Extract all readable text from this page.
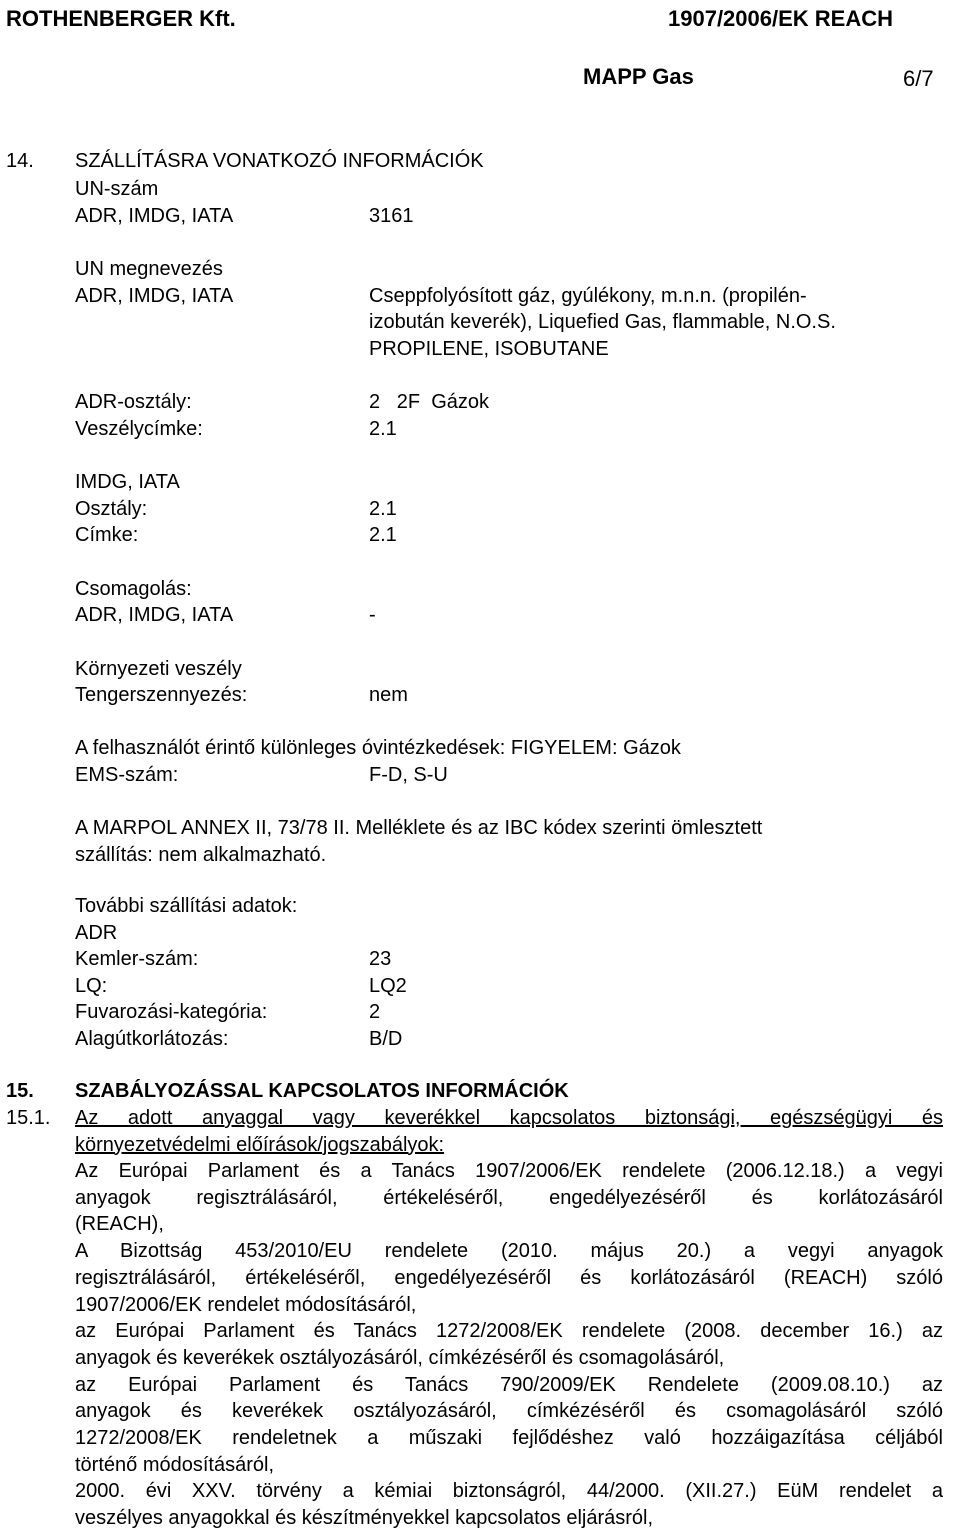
ROTHENBERGER Kft.	1907/2006/EK REACH
MAPP Gas	6/7
14. SZÁLLÍTÁSRA VONATKOZÓ INFORMÁCIÓK
UN-szám
ADR, IMDG, IATA	3161
UN megnevezés
ADR, IMDG, IATA	Cseppfolyósított gáz, gyúlékony, m.n.n. (propilén-
izobután keverék), Liquefied Gas, flammable, N.O.S.
PROPILENE, ISOBUTANE
ADR-osztály:	2   2F  Gázok
Veszélycímke:	2.1
IMDG, IATA
Osztály:	2.1
Címke:	2.1
Csomagolás:
ADR, IMDG, IATA	-
Környezeti veszély
Tengerszennyezés:	nem
A felhasználót érintő különleges óvintézkedések: FIGYELEM: Gázok
EMS-szám:	F-D, S-U
A MARPOL ANNEX II, 73/78 II. Melléklete és az IBC kódex szerinti ömlesztett
szállítás: nem alkalmazható.
További szállítási adatok:
ADR
Kemler-szám:	23
LQ:	LQ2
Fuvarozási-kategória:	2
Alagútkorlátozás:	B/D
15. SZABÁLYOZÁSSAL KAPCSOLATOS INFORMÁCIÓK
15.1. Az adott anyaggal vagy keverékkel kapcsolatos biztonsági, egészségügyi és
környezetvédelmi előírások/jogszabályok:
Az Európai Parlament és a Tanács 1907/2006/EK rendelete (2006.12.18.) a vegyi
anyagok regisztrálásáról, értékeléséről, engedélyezéséről és korlátozásáról
(REACH),
A Bizottság 453/2010/EU rendelete (2010. május 20.) a vegyi anyagok
regisztrálásáról, értékeléséről, engedélyezéséről és korlátozásáról (REACH) szóló
1907/2006/EK rendelet módosításáról,
az Európai Parlament és Tanács 1272/2008/EK rendelete (2008. december 16.) az
anyagok és keverékek osztályozásáról, címkézéséről és csomagolásáról,
az Európai Parlament és Tanács 790/2009/EK Rendelete (2009.08.10.) az
anyagok és keverékek osztályozásáról, címkézéséről és csomagolásáról szóló
1272/2008/EK rendeletnek a műszaki fejlődéshez való hozzáigazítása céljából
történő módosításáról,
2000. évi XXV. törvény a kémiai biztonságról, 44/2000. (XII.27.) EüM rendelet a
veszélyes anyagokkal és készítményekkel kapcsolatos eljárásról,
